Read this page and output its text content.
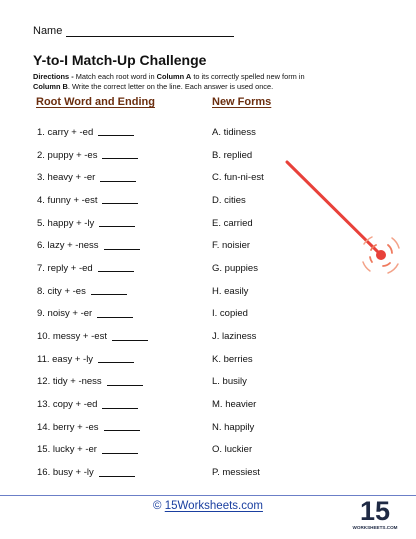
Name
Y-to-I Match-Up Challenge
Directions - Match each root word in Column A to its correctly spelled new form in Column B. Write the correct letter on the line. Each answer is used once.
Root Word and Ending	New Forms
1. carry + -ed
2. puppy + -es
3. heavy + -er
4. funny + -est
5. happy + -ly
6. lazy + -ness
7. reply + -ed
8. city + -es
9. noisy + -er
10. messy + -est
11. easy + -ly
12. tidy + -ness
13. copy + -ed
14. berry + -es
15. lucky + -er
16. busy + -ly
A. tidiness
B. replied
C. fun-ni-est
D. cities
E. carried
F. noisier
G. puppies
H. easily
I. copied
J. laziness
K. berries
L. busily
M. heavier
N. happily
O. luckier
P. messiest
© 15Worksheets.com	15
WORKSHEETS.COM
